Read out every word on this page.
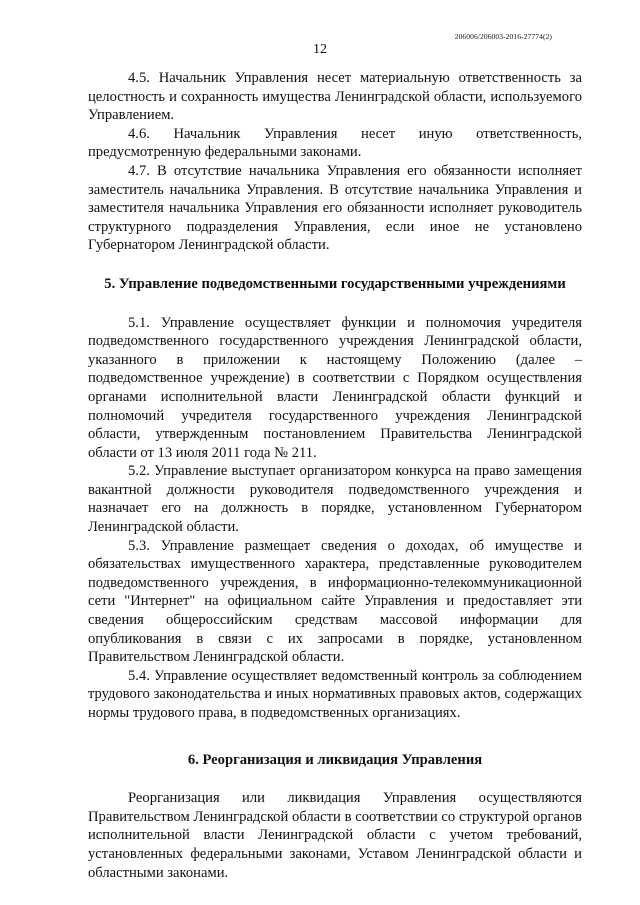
206006/206003-2016-27774(2)
12

4.5. Начальник Управления несет материальную ответственность за целостность и сохранность имущества Ленинградской области, используемого Управлением.

4.6. Начальник Управления несет иную ответственность, предусмотренную федеральными законами.

4.7. В отсутствие начальника Управления его обязанности исполняет заместитель начальника Управления. В отсутствие начальника Управления и заместителя начальника Управления его обязанности исполняет руководитель структурного подразделения Управления, если иное не установлено Губернатором Ленинградской области.

5. Управление подведомственными государственными учреждениями

5.1. Управление осуществляет функции и полномочия учредителя подведомственного государственного учреждения Ленинградской области, указанного в приложении к настоящему Положению (далее – подведомственное учреждение) в соответствии с Порядком осуществления органами исполнительной власти Ленинградской области функций и полномочий учредителя государственного учреждения Ленинградской области, утвержденным постановлением Правительства Ленинградской области от 13 июля 2011 года № 211.

5.2. Управление выступает организатором конкурса на право замещения вакантной должности руководителя подведомственного учреждения и назначает его на должность в порядке, установленном Губернатором Ленинградской области.

5.3. Управление размещает сведения о доходах, об имуществе и обязательствах имущественного характера, представленные руководителем подведомственного учреждения, в информационно-телекоммуникационной сети "Интернет" на официальном сайте Управления и предоставляет эти сведения общероссийским средствам массовой информации для опубликования в связи с их запросами в порядке, установленном Правительством Ленинградской области.

5.4. Управление осуществляет ведомственный контроль за соблюдением трудового законодательства и иных нормативных правовых актов, содержащих нормы трудового права, в подведомственных организациях.

6. Реорганизация и ликвидация Управления

Реорганизация или ликвидация Управления осуществляются Правительством Ленинградской области в соответствии со структурой органов исполнительной власти Ленинградской области с учетом требований, установленных федеральными законами, Уставом Ленинградской области и областными законами.
